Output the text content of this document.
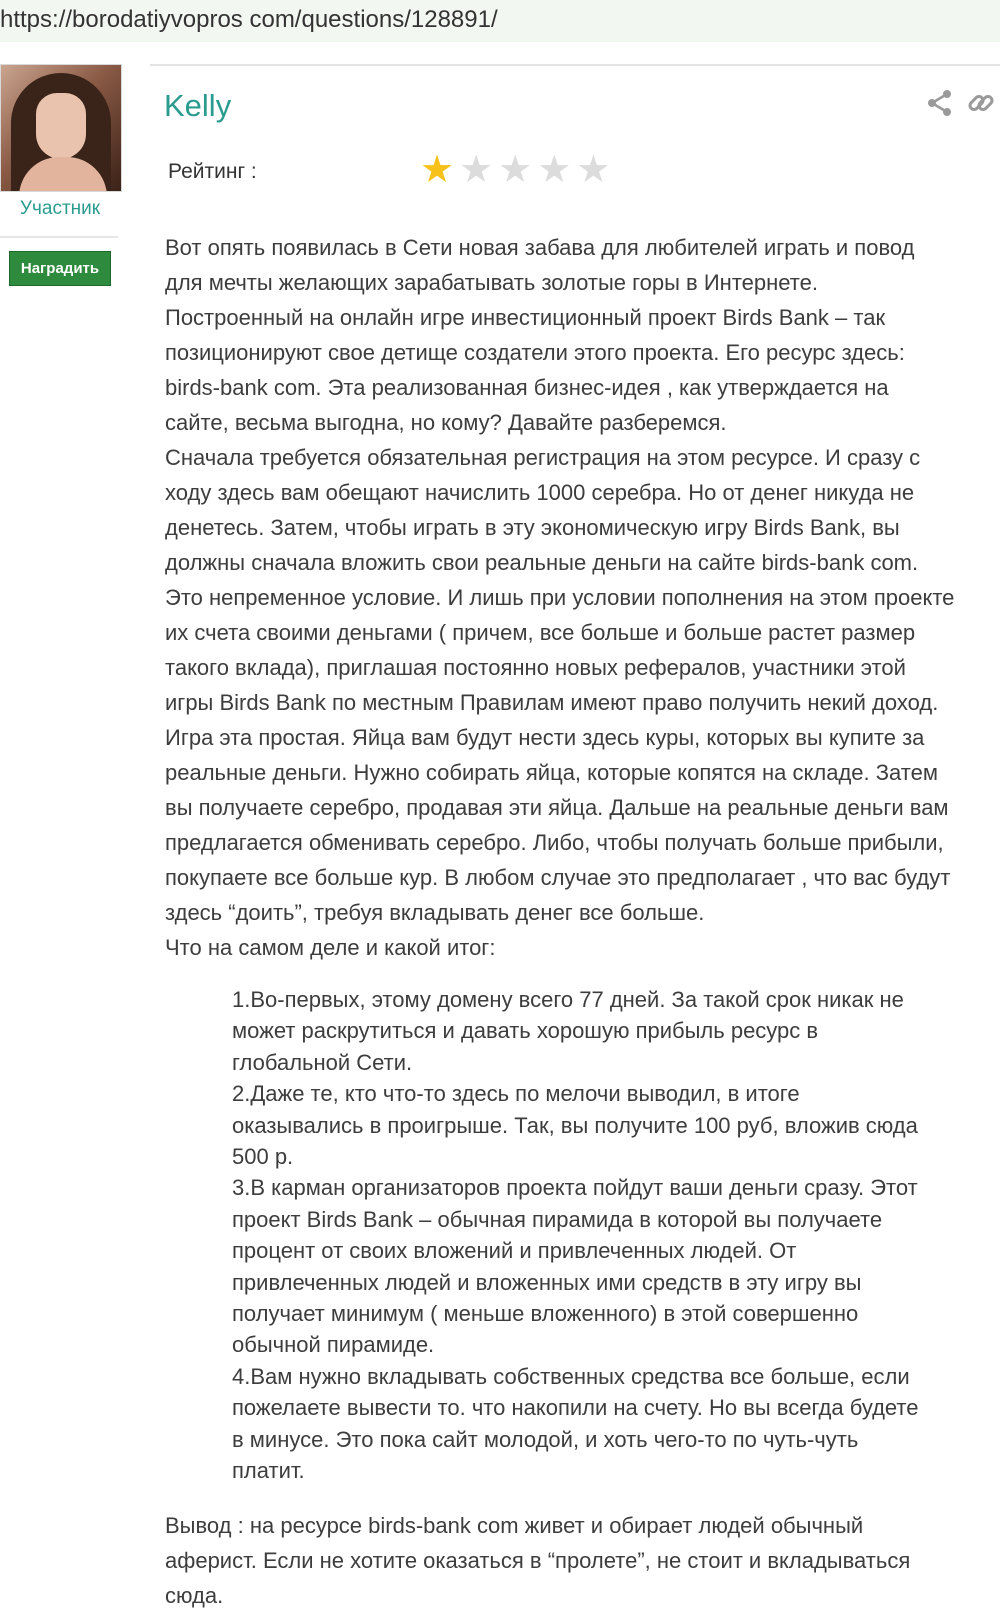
https://borodatiyvopros com/questions/128891/
Участник
Наградить
Kelly
Рейтинг :	★ ★ ★ ★ ★

Вот опять появилась в Сети новая забава для любителей играть и повод

для мечты желающих зарабатывать золотые горы в Интернете.

Построенный на онлайн игре инвестиционный проект Birds Bank – так

позиционируют свое детище создатели этого проекта. Его ресурс здесь:

birds-bank com. Эта реализованная бизнес-идея , как утверждается на

сайте, весьма выгодна, но кому? Давайте разберемся.

Сначала требуется обязательная регистрация на этом ресурсе. И сразу с

ходу здесь вам обещают начислить 1000 серебра. Но от денег никуда не

денетесь. Затем, чтобы играть в эту экономическую игру Birds Bank, вы

должны сначала вложить свои реальные деньги на сайте birds-bank com.

Это непременное условие. И лишь при условии пополнения на этом проекте

их счета своими деньгами ( причем, все больше и больше растет размер

такого вклада), приглашая постоянно новых рефералов, участники этой

игры Birds Bank по местным Правилам имеют право получить некий доход.

Игра эта простая. Яйца вам будут нести здесь куры, которых вы купите за

реальные деньги. Нужно собирать яйца, которые копятся на складе. Затем

вы получаете серебро, продавая эти яйца. Дальше на реальные деньги вам

предлагается обменивать серебро. Либо, чтобы получать больше прибыли,

покупаете все больше кур. В любом случае это предполагает , что вас будут

здесь “доить”, требуя вкладывать денег все больше.

Что на самом деле и какой итог:

1.Во-первых, этому домену всего 77 дней. За такой срок никак не

может раскрутиться и давать хорошую прибыль ресурс в

глобальной Сети.

2.Даже те, кто что-то здесь по мелочи выводил, в итоге

оказывались в проигрыше. Так, вы получите 100 руб, вложив сюда

500 р.

3.В карман организаторов проекта пойдут ваши деньги сразу. Этот

проект Birds Bank – обычная пирамида в которой вы получаете

процент от своих вложений и привлеченных людей. От

привлеченных людей и вложенных ими средств в эту игру вы

получает минимум ( меньше вложенного) в этой совершенно

обычной пирамиде.

4.Вам нужно вкладывать собственных средства все больше, если

пожелаете вывести то. что накопили на счету. Но вы всегда будете

в минусе. Это пока сайт молодой, и хоть чего-то по чуть-чуть

платит.

Вывод : на ресурсе birds-bank com живет и обирает людей обычный

аферист. Если не хотите оказаться в “пролете”, не стоит и вкладываться

сюда.
